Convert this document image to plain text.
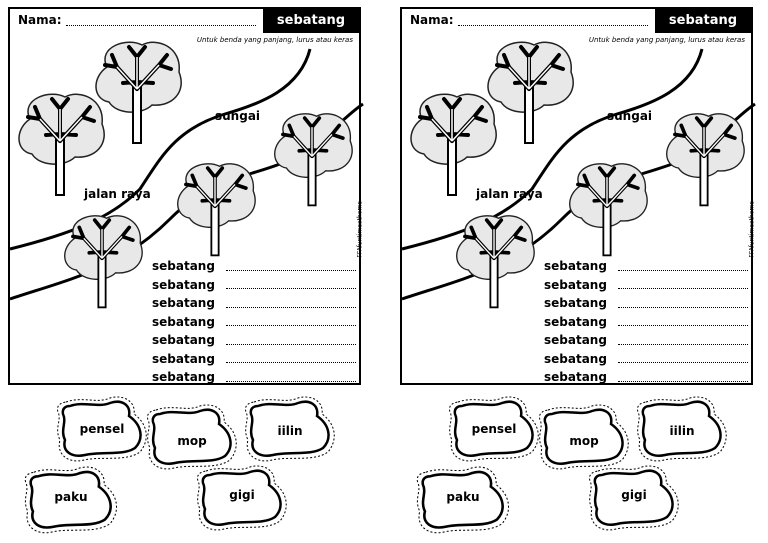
Nama:	sebatang
Untuk benda yang panjang, lurus atau keras
sungai
jalan raya
FFAfuntimeathome
sebatang
sebatang
sebatang
sebatang
sebatang
sebatang
sebatang
Nama:	sebatang
Untuk benda yang panjang, lurus atau keras
sungai
jalan raya
FFAfuntimeathome
sebatang
sebatang
sebatang
sebatang
sebatang
sebatang
sebatang
pensel
mop
iilin
paku	gigi
pensel
mop
iilin
paku	gigi
